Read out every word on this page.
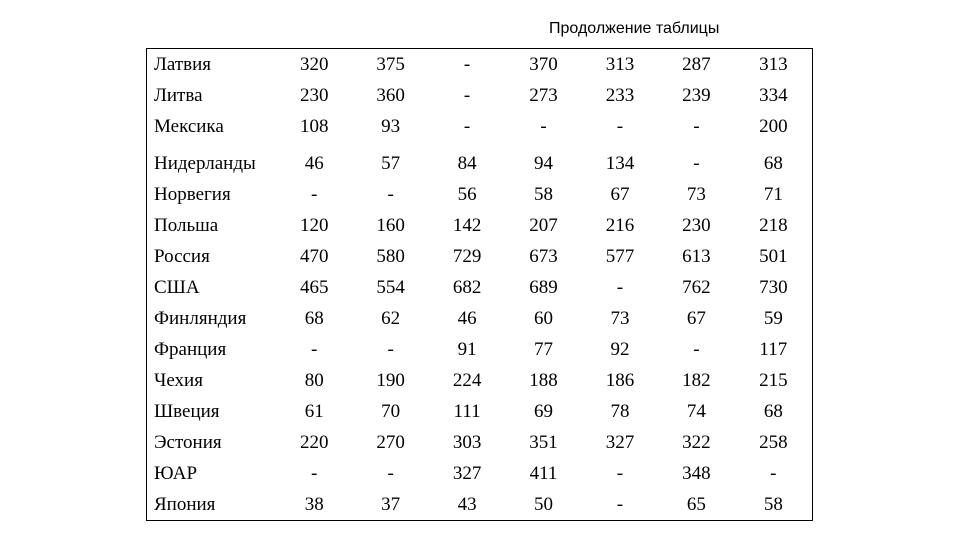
Продолжение таблицы
Латвия	320	375	-	370	313	287	313
Литва	230	360	-	273	233	239	334
Мексика	108	93	-	-	-	-	200
Нидерланды	46	57	84	94	134	-	68
Норвегия	-	-	56	58	67	73	71
Польша	120	160	142	207	216	230	218
Россия	470	580	729	673	577	613	501
США	465	554	682	689	-	762	730
Финляндия	68	62	46	60	73	67	59
Франция	-	-	91	77	92	-	117
Чехия	80	190	224	188	186	182	215
Швеция	61	70	111	69	78	74	68
Эстония	220	270	303	351	327	322	258
ЮАР	-	-	327	411	-	348	-
Япония	38	37	43	50	-	65	58
